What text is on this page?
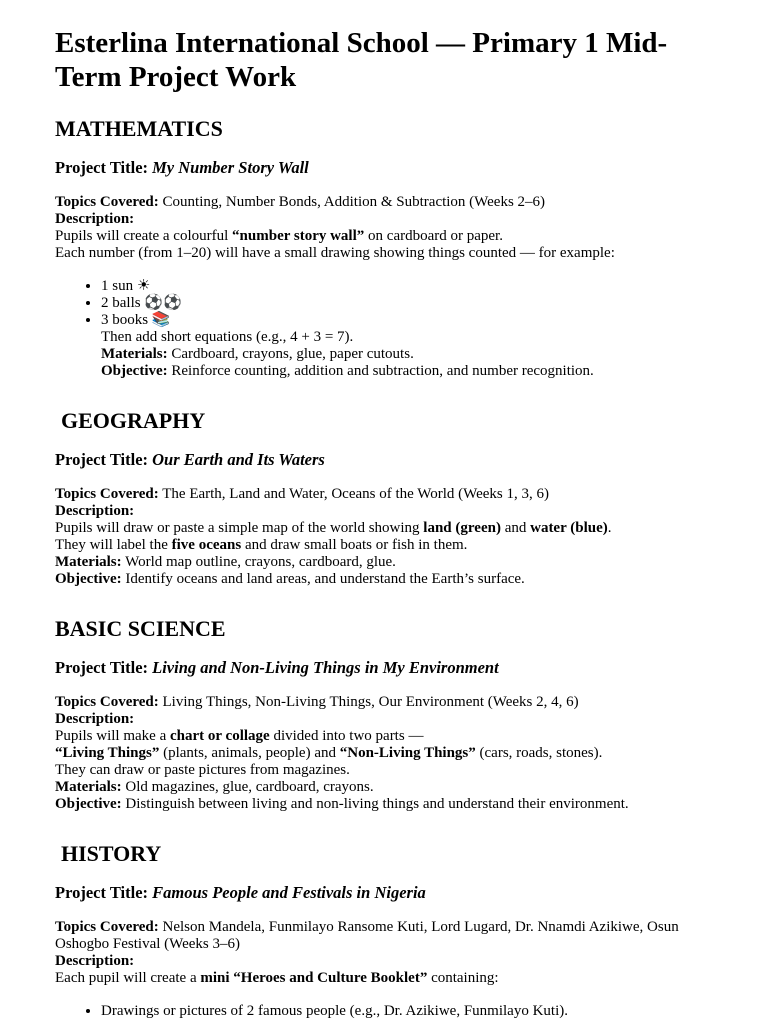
Esterlina International School — Primary 1 Mid-Term Project Work
MATHEMATICS
Project Title: My Number Story Wall
Topics Covered: Counting, Number Bonds, Addition & Subtraction (Weeks 2–6)
Description:
Pupils will create a colourful “number story wall” on cardboard or paper.
Each number (from 1–20) will have a small drawing showing things counted — for example:
• 1 sun ☀
• 2 balls ⚽⚽
• 3 books 📚
Then add short equations (e.g., 4 + 3 = 7).
Materials: Cardboard, crayons, glue, paper cutouts.
Objective: Reinforce counting, addition and subtraction, and number recognition.
GEOGRAPHY
Project Title: Our Earth and Its Waters
Topics Covered: The Earth, Land and Water, Oceans of the World (Weeks 1, 3, 6)
Description:
Pupils will draw or paste a simple map of the world showing land (green) and water (blue).
They will label the five oceans and draw small boats or fish in them.
Materials: World map outline, crayons, cardboard, glue.
Objective: Identify oceans and land areas, and understand the Earth’s surface.
BASIC SCIENCE
Project Title: Living and Non-Living Things in My Environment
Topics Covered: Living Things, Non-Living Things, Our Environment (Weeks 2, 4, 6)
Description:
Pupils will make a chart or collage divided into two parts —
“Living Things” (plants, animals, people) and “Non-Living Things” (cars, roads, stones).
They can draw or paste pictures from magazines.
Materials: Old magazines, glue, cardboard, crayons.
Objective: Distinguish between living and non-living things and understand their environment.
HISTORY
Project Title: Famous People and Festivals in Nigeria
Topics Covered: Nelson Mandela, Funmilayo Ransome Kuti, Lord Lugard, Dr. Nnamdi Azikiwe, Osun Oshogbo Festival (Weeks 3–6)
Description:
Each pupil will create a mini “Heroes and Culture Booklet” containing:
• Drawings or pictures of 2 famous people (e.g., Dr. Azikiwe, Funmilayo Kuti).
